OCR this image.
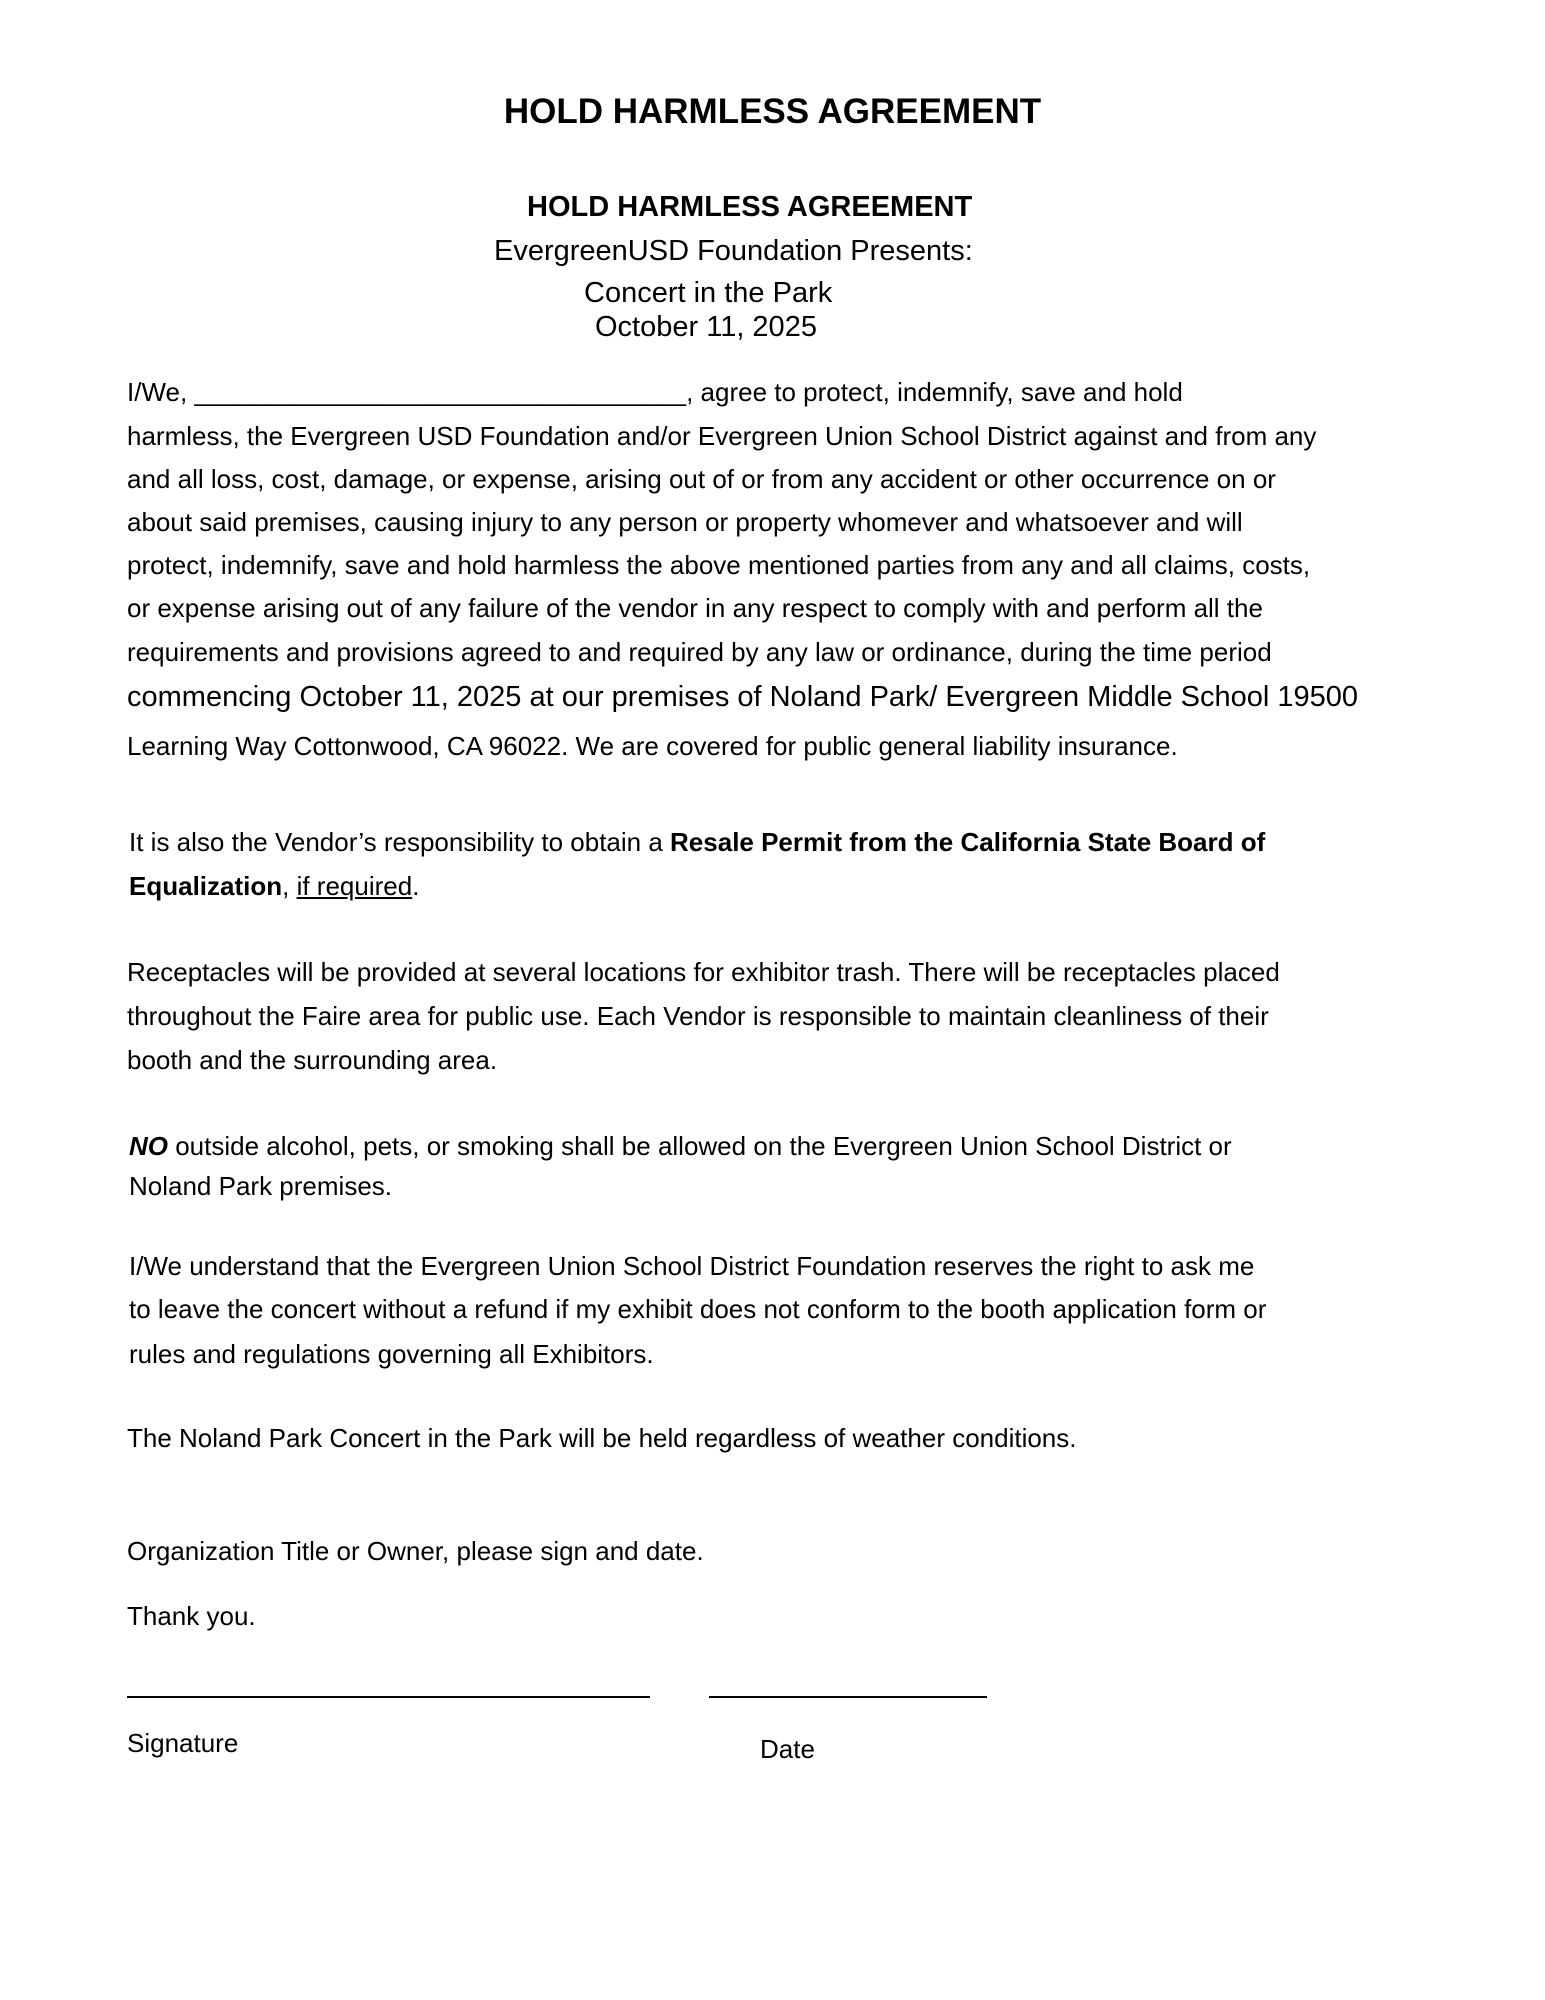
HOLD HARMLESS AGREEMENT
HOLD HARMLESS AGREEMENT
EvergreenUSD Foundation Presents:
Concert in the Park
October 11, 2025
I/We, __________________________________, agree to protect, indemnify, save and hold
harmless, the Evergreen USD Foundation and/or Evergreen Union School District against and from any
and all loss, cost, damage, or expense, arising out of or from any accident or other occurrence on or
about said premises, causing injury to any person or property whomever and whatsoever and will
protect, indemnify, save and hold harmless the above mentioned parties from any and all claims, costs,
or expense arising out of any failure of the vendor in any respect to comply with and perform all the
requirements and provisions agreed to and required by any law or ordinance, during the time period
commencing October 11, 2025 at our premises of Noland Park/ Evergreen Middle School 19500
Learning Way Cottonwood, CA 96022. We are covered for public general liability insurance.
It is also the Vendor’s responsibility to obtain a Resale Permit from the California State Board of
Equalization, if required.
Receptacles will be provided at several locations for exhibitor trash. There will be receptacles placed
throughout the Faire area for public use. Each Vendor is responsible to maintain cleanliness of their
booth and the surrounding area.
NO outside alcohol, pets, or smoking shall be allowed on the Evergreen Union School District or
Noland Park premises.
I/We understand that the Evergreen Union School District Foundation reserves the right to ask me
to leave the concert without a refund if my exhibit does not conform to the booth application form or
rules and regulations governing all Exhibitors.
The Noland Park Concert in the Park will be held regardless of weather conditions.
Organization Title or Owner, please sign and date.
Thank you.
Signature	Date
